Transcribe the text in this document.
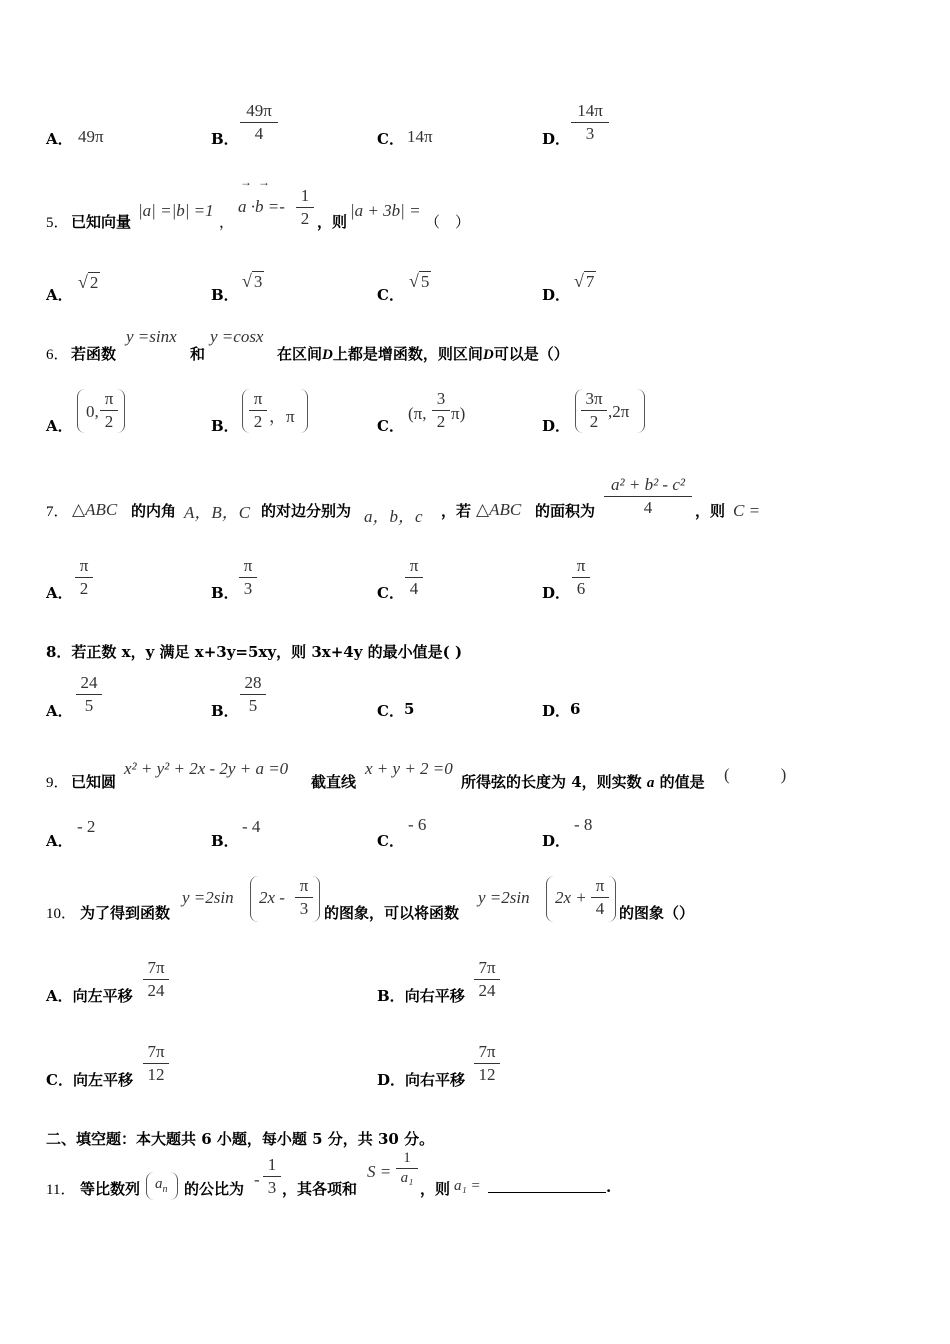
A． 49π	B． $\frac{49\pi}{4}$	C． 14π	D． $\frac{14\pi}{3}$
5． 已知向量
|a| =|b| =1
，
a ·b =-
→  →
$\frac{1}{2}$ ，则
|a + 3b| =
（　）
A．
√ 2
B．
√ 3
C．
√ 5
D．
√ 7
6． 若函数
y =sinx
和
y =cosx
在区间D上都是增函数，则区间D可以是（）
A．
0, $\frac{\pi}{2}$	B． $\frac{\pi}{2}$ ，π	C．
(π, $\frac{3}{2} \pi$)
D． $\frac{3\pi}{2} ,2\pi$
7． △ABC 的内角 A，B，C 的对边分别为 a，b，c ，若 △ABC 的面积为 $\frac{\text{a² + b² - c²}}{4}$ ，则 C =
A． $\frac{\pi}{2}$	B． $\frac{\pi}{3}$	C． $\frac{\pi}{4}$	D． $\frac{\pi}{6}$
8．若正数 x，y 满足 x+3y=5xy，则 3x+4y 的最小值是( )
A． $\frac{24}{5}$	B． $\frac{28}{5}$	C． 5	D． 6
9． 已知圆
x² + y² + 2x - 2y + a =0
截直线
x + y + 2 =0
所得弦的长度为 4，则实数 a 的值是 (　　　)
A．
- 2
B．
- 4
C．
- 6
D．
- 8
10． 为了得到函数
y =2sin $2x - \frac{\pi}{3}$ 的图象，可以将函数
y =2sin $2x + \frac{\pi}{4}$ 的图象（）
A．向左平移 $\frac{7\pi}{24}$	B．向右平移 $\frac{7\pi}{24}$
C．向左平移 $\frac{7\pi}{12}$	D．向右平移 $\frac{7\pi}{12}$
二、填空题：本大题共 6 小题，每小题 5 分，共 30 分。
11． 等比数列 $a_n$ 的公比为 - $\frac{1}{3}$ ，其各项和
$S = \frac{1}{\text{a₁}}$
，则 a₁ =	.
